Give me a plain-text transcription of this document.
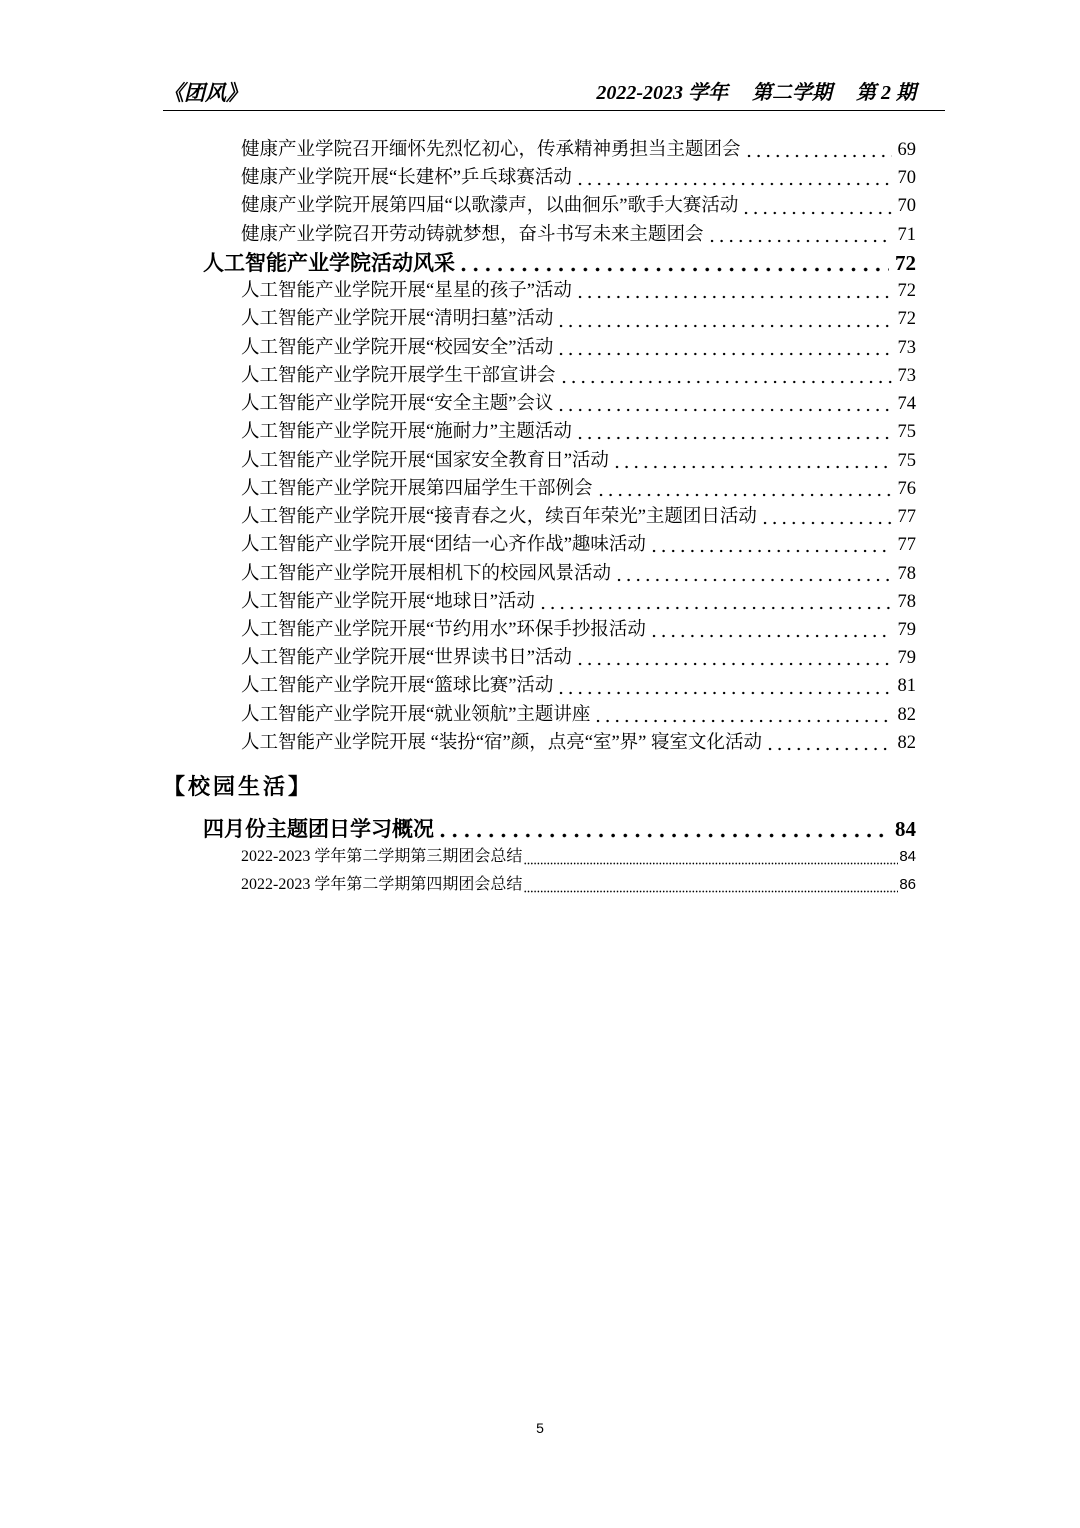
《团风》	2022-2023 学年 第二学期 第 2 期
健康产业学院召开缅怀先烈忆初心，传承精神勇担当主题团会	69
健康产业学院开展“长建杯”乒乓球赛活动	70
健康产业学院开展第四届“以歌濛声，以曲徊乐”歌手大赛活动	70
健康产业学院召开劳动铸就梦想，奋斗书写未来主题团会	71
人工智能产业学院活动风采	72
人工智能产业学院开展“星星的孩子”活动	72
人工智能产业学院开展“清明扫墓”活动	72
人工智能产业学院开展“校园安全”活动	73
人工智能产业学院开展学生干部宣讲会	73
人工智能产业学院开展“安全主题”会议	74
人工智能产业学院开展“施耐力”主题活动	75
人工智能产业学院开展“国家安全教育日”活动	75
人工智能产业学院开展第四届学生干部例会	76
人工智能产业学院开展“接青春之火，续百年荣光”主题团日活动	77
人工智能产业学院开展“团结一心齐作战”趣味活动	77
人工智能产业学院开展相机下的校园风景活动	78
人工智能产业学院开展“地球日”活动	78
人工智能产业学院开展“节约用水”环保手抄报活动	79
人工智能产业学院开展“世界读书日”活动	79
人工智能产业学院开展“篮球比赛”活动	81
人工智能产业学院开展“就业领航”主题讲座	82
人工智能产业学院开展 “装扮“宿”颜，点亮“室”界” 寝室文化活动	82
【校园生活】
四月份主题团日学习概况	84
2022-2023 学年第二学期第三期团会总结	84
2022-2023 学年第二学期第四期团会总结	86
5
